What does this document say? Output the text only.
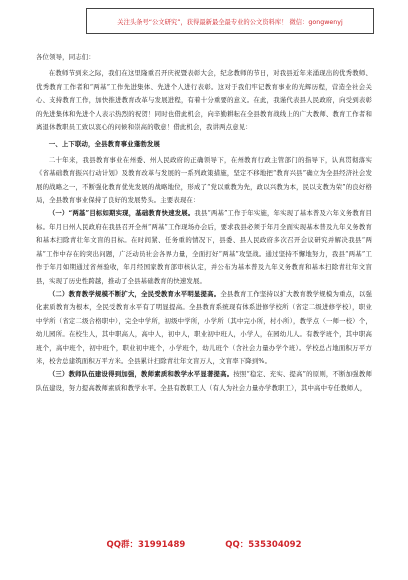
关注头条号“公文研究”，获得最新最全最专业的公文资料库！ 微信：gongwenyj

各位领导，同志们：

在教师节到来之际，我们在这里隆重召开庆祝暨表彰大会，纪念教师的节日，对我县近年来涌现出的优秀教师、优秀教育工作者和“两基”工作先进集体、先进个人进行表彰。这对于我们牢记教育事业的光辉历程，营造全社会关心、支持教育工作，加快推进教育改革与发展进程，有着十分重要的意义。在此，我谨代表县人民政府，向受到表彰的先进集体和先进个人表示热烈的祝贺！同时也借此机会，向辛勤耕耘在全县教育战线上的广大教师、教育工作者和离退休教职员工致以衷心的问候和崇高的敬意！借此机会，我讲两点意见：

一、上下联动，全县教育事业蓬勃发展

二十年来，我县教育事业在州委、州人民政府的正确领导下，在州教育行政主管部门的指导下，认真贯彻落实《省基础教育振兴行动计划》及教育改革与发展的一系列政策措施，坚定不移地把“教育兴县”确立为全县经济社会发展的战略之一，不断强化教育优先发展的战略地位，形成了“党以重教为先，政以兴教为本，民以支教为荣”的良好格局，全县教育事业保持了良好的发展势头。主要表现在：

（一）“两基”目标如期实现，基础教育快速发展。我县“两基”工作于年实施，年实现了基本普及六年义务教育目标。年月日州人民政府在我县召开全州“两基”工作现场办会后，要求我县必须于年月全面实现基本普及九年义务教育和基本扫除青壮年文盲的目标。在时间紧、任务重的情况下，县委、县人民政府多次召开会议研究并解决我县“两基”工作中存在的突出问题，广泛动员社会各界力量，全面打好“两基”攻坚战。通过坚持不懈地努力，我县“两基”工作于年月如期通过省州验收，年月经国家教育部审核认定，并公布为基本普及九年义务教育和基本扫除青壮年文盲县，实现了历史性跨越，推动了全县基础教育的快速发展。

（二）教育教学规模不断扩大，全民受教育水平明显提高。全县教育工作坚持以扩大教育教学规模为重点，以强化素质教育为根本，全民受教育水平有了明显提高。全县教育系统现有体系进修学校所（省定二级进修学校），职业中学所（省定二级合格职中），完全中学所，初级中学所，小学所（其中完小所，村小所），教学点（一师一校）个，幼儿园所。在校生人，其中职高人，高中人，初中人，职业初中班人，小学人，在园幼儿人。有教学班个，其中职高班个，高中班个，初中班个，职业初中班个，小学班个，幼儿班个（含社会力量办学个班）。学校总占地面积万平方米，校舍总建筑面积万平方米。全县累计扫除青壮年文盲万人，文盲率下降到%。

（三）教师队伍建设得到加强，教师素质和教学水平显著提高。按照“稳定、充实、提高”的原则，不断加强教师队伍建设，努力提高教师素质和教学水平。全县有教职工人（有人为社会力量办学教职工），其中高中专任教师人，

QQ群：31991489	QQ：535304092
